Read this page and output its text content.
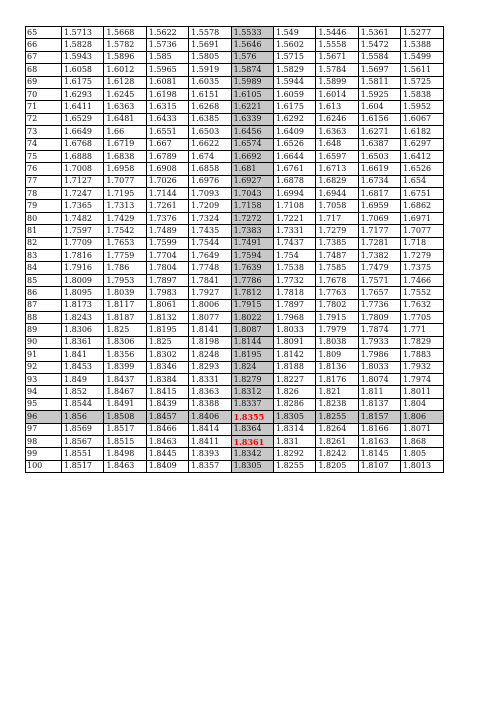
65	1.5713	1.5668	1.5622	1.5578	1.5533	1.549	1.5446	1.5361	1.5277
66	1.5828	1.5782	1.5736	1.5691	1.5646	1.5602	1.5558	1.5472	1.5388
67	1.5943	1.5896	1.585	1.5805	1.576	1.5715	1.5671	1.5584	1.5499
68	1.6058	1.6012	1.5965	1.5919	1.5874	1.5829	1.5784	1.5697	1.5611
69	1.6175	1.6128	1.6081	1.6035	1.5989	1.5944	1.5899	1.5811	1.5725
70	1.6293	1.6245	1.6198	1.6151	1.6105	1.6059	1.6014	1.5925	1.5838
71	1.6411	1.6363	1.6315	1.6268	1.6221	1.6175	1.613	1.604	1.5952
72	1.6529	1.6481	1.6433	1.6385	1.6339	1.6292	1.6246	1.6156	1.6067
73	1.6649	1.66	1.6551	1.6503	1.6456	1.6409	1.6363	1.6271	1.6182
74	1.6768	1.6719	1.667	1.6622	1.6574	1.6526	1.648	1.6387	1.6297
75	1.6888	1.6838	1.6789	1.674	1.6692	1.6644	1.6597	1.6503	1.6412
76	1.7008	1.6958	1.6908	1.6858	1.681	1.6761	1.6713	1.6619	1.6526
77	1.7127	1.7077	1.7026	1.6976	1.6927	1.6878	1.6829	1.6734	1.654
78	1.7247	1.7195	1.7144	1.7093	1.7043	1.6994	1.6944	1.6817	1.6751
79	1.7365	1.7313	1.7261	1.7209	1.7158	1.7108	1.7058	1.6959	1.6862
80	1.7482	1.7429	1.7376	1.7324	1.7272	1.7221	1.717	1.7069	1.6971
81	1.7597	1.7542	1.7489	1.7435	1.7383	1.7331	1.7279	1.7177	1.7077
82	1.7709	1.7653	1.7599	1.7544	1.7491	1.7437	1.7385	1.7281	1.718
83	1.7816	1.7759	1.7704	1.7649	1.7594	1.754	1.7487	1.7382	1.7279
84	1.7916	1.786	1.7804	1.7748	1.7639	1.7538	1.7585	1.7479	1.7375
85	1.8009	1.7953	1.7897	1.7841	1.7786	1.7732	1.7678	1.7571	1.7466
86	1.8095	1.8039	1.7983	1.7927	1.7812	1.7818	1.7763	1.7657	1.7552
87	1.8173	1.8117	1.8061	1.8006	1.7915	1.7897	1.7802	1.7736	1.7632
88	1.8243	1.8187	1.8132	1.8077	1.8022	1.7968	1.7915	1.7809	1.7705
89	1.8306	1.825	1.8195	1.8141	1.8087	1.8033	1.7979	1.7874	1.771
90	1.8361	1.8306	1.825	1.8198	1.8144	1.8091	1.8038	1.7933	1.7829
91	1.841	1.8356	1.8302	1.8248	1.8195	1.8142	1.809	1.7986	1.7883
92	1.8453	1.8399	1.8346	1.8293	1.824	1.8188	1.8136	1.8033	1.7932
93	1.849	1.8437	1.8384	1.8331	1.8279	1.8227	1.8176	1.8074	1.7974
94	1.852	1.8467	1.8415	1.8363	1.8312	1.826	1.821	1.811	1.8011
95	1.8544	1.8491	1.8439	1.8388	1.8337	1.8286	1.8238	1.8137	1.804
96	1.856	1.8508	1.8457	1.8406	1.8355	1.8305	1.8255	1.8157	1.806
97	1.8569	1.8517	1.8466	1.8414	1.8364	1.8314	1.8264	1.8166	1.8071
98	1.8567	1.8515	1.8463	1.8411	1.8361	1.831	1.8261	1.8163	1.868
99	1.8551	1.8498	1.8445	1.8393	1.8342	1.8292	1.8242	1.8145	1.805
100	1.8517	1.8463	1.8409	1.8357	1.8305	1.8255	1.8205	1.8107	1.8013
